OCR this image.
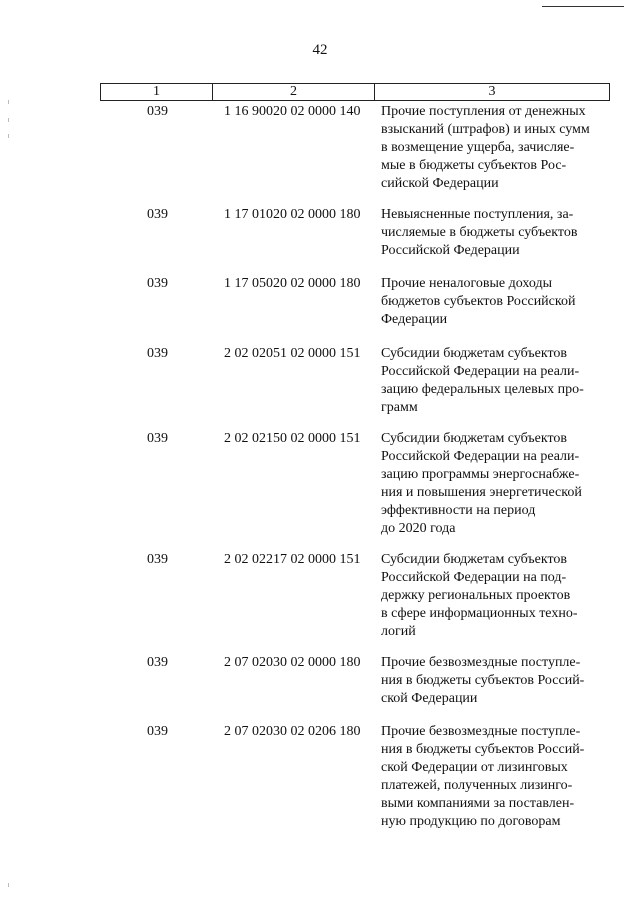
42
1	2	3
039	1 16 90020 02 0000 140 Прочие поступления от денежных
взысканий (штрафов) и иных сумм
в возмещение ущерба, зачисляе-
мые в бюджеты субъектов Рос-
сийской Федерации
039	1 17 01020 02 0000 180 Невыясненные поступления, за-
числяемые в бюджеты субъектов
Российской Федерации
039	1 17 05020 02 0000 180 Прочие неналоговые доходы
бюджетов субъектов Российской
Федерации
039	2 02 02051 02 0000 151 Субсидии бюджетам субъектов
Российской Федерации на реали-
зацию федеральных целевых про-
грамм
039	2 02 02150 02 0000 151 Субсидии бюджетам субъектов
Российской Федерации на реали-
зацию программы энергоснабже-
ния и повышения энергетической
эффективности на период
до 2020 года
039	2 02 02217 02 0000 151 Субсидии бюджетам субъектов
Российской Федерации на под-
держку региональных проектов
в сфере информационных техно-
логий
039	2 07 02030 02 0000 180 Прочие безвозмездные поступле-
ния в бюджеты субъектов Россий-
ской Федерации
039	2 07 02030 02 0206 180 Прочие безвозмездные поступле-
ния в бюджеты субъектов Россий-
ской Федерации от лизинговых
платежей, полученных лизинго-
выми компаниями за поставлен-
ную продукцию по договорам
